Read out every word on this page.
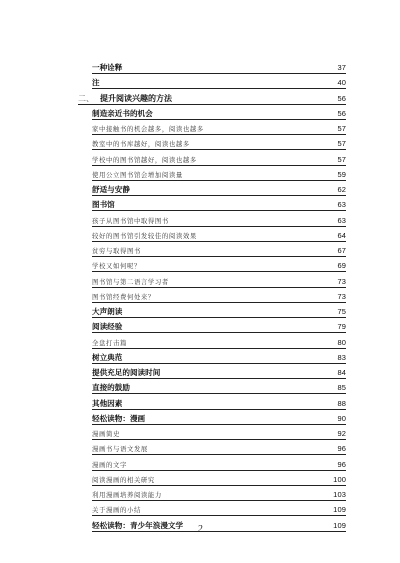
一种诠释	37
注	40
二、 提升阅读兴趣的方法	56
制造亲近书的机会	56
家中接触书的机会越多，阅读也越多	57
教室中的书库越好，阅读也越多	57
学校中的图书馆越好，阅读也越多	57
使用公立图书馆会增加阅读量	59
舒适与安静	62
图书馆	63
孩子从图书馆中取得图书	63
较好的图书馆引发较佳的阅读效果	64
贫穷与取得图书	67
学校又如何呢？	69
图书馆与第二语言学习者	73
图书馆经费何处来？	73
大声朗读	75
阅读经验	79
全盘打击篇	80
树立典范	83
提供充足的阅读时间	84
直接的鼓励	85
其他因素	88
轻松读物：漫画	90
漫画简史	92
漫画书与语文发展	96
漫画的文字	96
阅读漫画的相关研究	100
利用漫画培养阅读能力	103
关于漫画的小结	109
轻松读物：青少年浪漫文学	109
2
